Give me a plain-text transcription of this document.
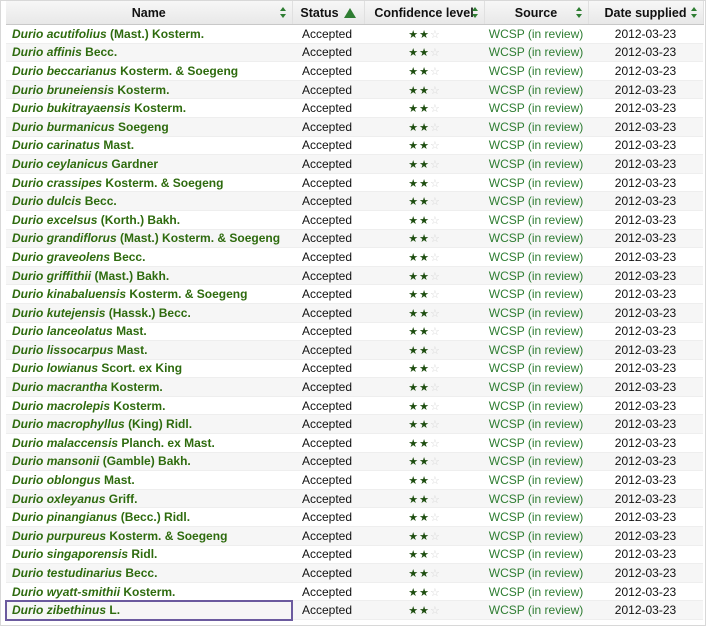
Name	Status	Confidence level	Source	Date supplied

Durio acutifolius (Mast.) Kosterm.	Accepted	★ ★ ☆	WCSP (in review)	2012-03-23
Durio affinis Becc.	Accepted	★ ★ ☆	WCSP (in review)	2012-03-23
Durio beccarianus Kosterm. & Soegeng	Accepted	★ ★ ☆	WCSP (in review)	2012-03-23
Durio bruneiensis Kosterm.	Accepted	★ ★ ☆	WCSP (in review)	2012-03-23
Durio bukitrayaensis Kosterm.	Accepted	★ ★ ☆	WCSP (in review)	2012-03-23
Durio burmanicus Soegeng	Accepted	★ ★ ☆	WCSP (in review)	2012-03-23
Durio carinatus Mast.	Accepted	★ ★ ☆	WCSP (in review)	2012-03-23
Durio ceylanicus Gardner	Accepted	★ ★ ☆	WCSP (in review)	2012-03-23
Durio crassipes Kosterm. & Soegeng	Accepted	★ ★ ☆	WCSP (in review)	2012-03-23
Durio dulcis Becc.	Accepted	★ ★ ☆	WCSP (in review)	2012-03-23
Durio excelsus (Korth.) Bakh.	Accepted	★ ★ ☆	WCSP (in review)	2012-03-23
Durio grandiflorus (Mast.) Kosterm. & Soegeng	Accepted	★ ★ ☆	WCSP (in review)	2012-03-23
Durio graveolens Becc.	Accepted	★ ★ ☆	WCSP (in review)	2012-03-23
Durio griffithii (Mast.) Bakh.	Accepted	★ ★ ☆	WCSP (in review)	2012-03-23
Durio kinabaluensis Kosterm. & Soegeng	Accepted	★ ★ ☆	WCSP (in review)	2012-03-23
Durio kutejensis (Hassk.) Becc.	Accepted	★ ★ ☆	WCSP (in review)	2012-03-23
Durio lanceolatus Mast.	Accepted	★ ★ ☆	WCSP (in review)	2012-03-23
Durio lissocarpus Mast.	Accepted	★ ★ ☆	WCSP (in review)	2012-03-23
Durio lowianus Scort. ex King	Accepted	★ ★ ☆	WCSP (in review)	2012-03-23
Durio macrantha Kosterm.	Accepted	★ ★ ☆	WCSP (in review)	2012-03-23
Durio macrolepis Kosterm.	Accepted	★ ★ ☆	WCSP (in review)	2012-03-23
Durio macrophyllus (King) Ridl.	Accepted	★ ★ ☆	WCSP (in review)	2012-03-23
Durio malaccensis Planch. ex Mast.	Accepted	★ ★ ☆	WCSP (in review)	2012-03-23
Durio mansonii (Gamble) Bakh.	Accepted	★ ★ ☆	WCSP (in review)	2012-03-23
Durio oblongus Mast.	Accepted	★ ★ ☆	WCSP (in review)	2012-03-23
Durio oxleyanus Griff.	Accepted	★ ★ ☆	WCSP (in review)	2012-03-23
Durio pinangianus (Becc.) Ridl.	Accepted	★ ★ ☆	WCSP (in review)	2012-03-23
Durio purpureus Kosterm. & Soegeng	Accepted	★ ★ ☆	WCSP (in review)	2012-03-23
Durio singaporensis Ridl.	Accepted	★ ★ ☆	WCSP (in review)	2012-03-23
Durio testudinarius Becc.	Accepted	★ ★ ☆	WCSP (in review)	2012-03-23
Durio wyatt-smithii Kosterm.	Accepted	★ ★ ☆	WCSP (in review)	2012-03-23
Durio zibethinus L.	Accepted	★ ★ ☆	WCSP (in review)	2012-03-23
